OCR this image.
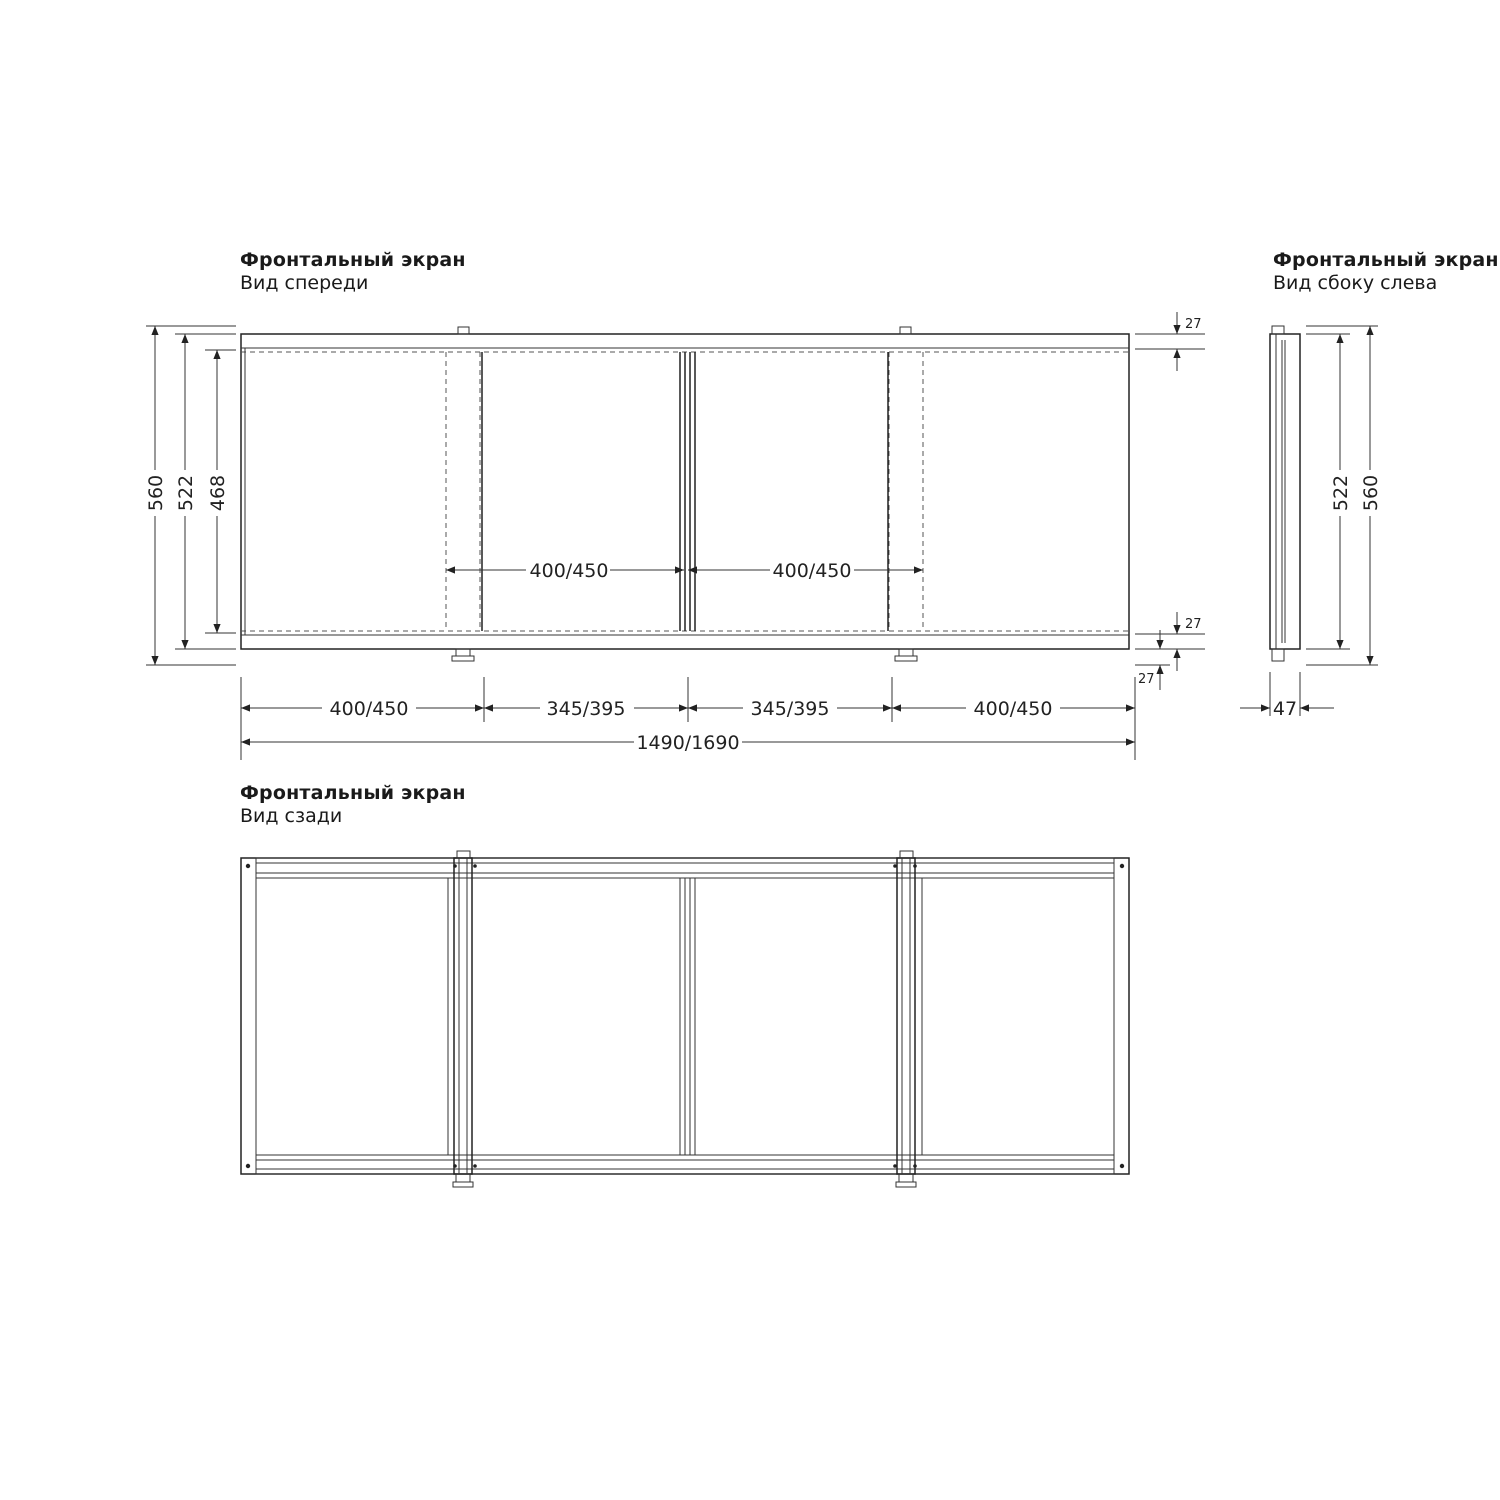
Фронтальный экран
Вид спереди
Фронтальный экран
Вид сбоку слева
Фронтальный экран
Вид сзади
560 522 468
400/450	400/450
27
27
27
400/450	345/395	345/395	400/450
1490/1690
560
522
47
